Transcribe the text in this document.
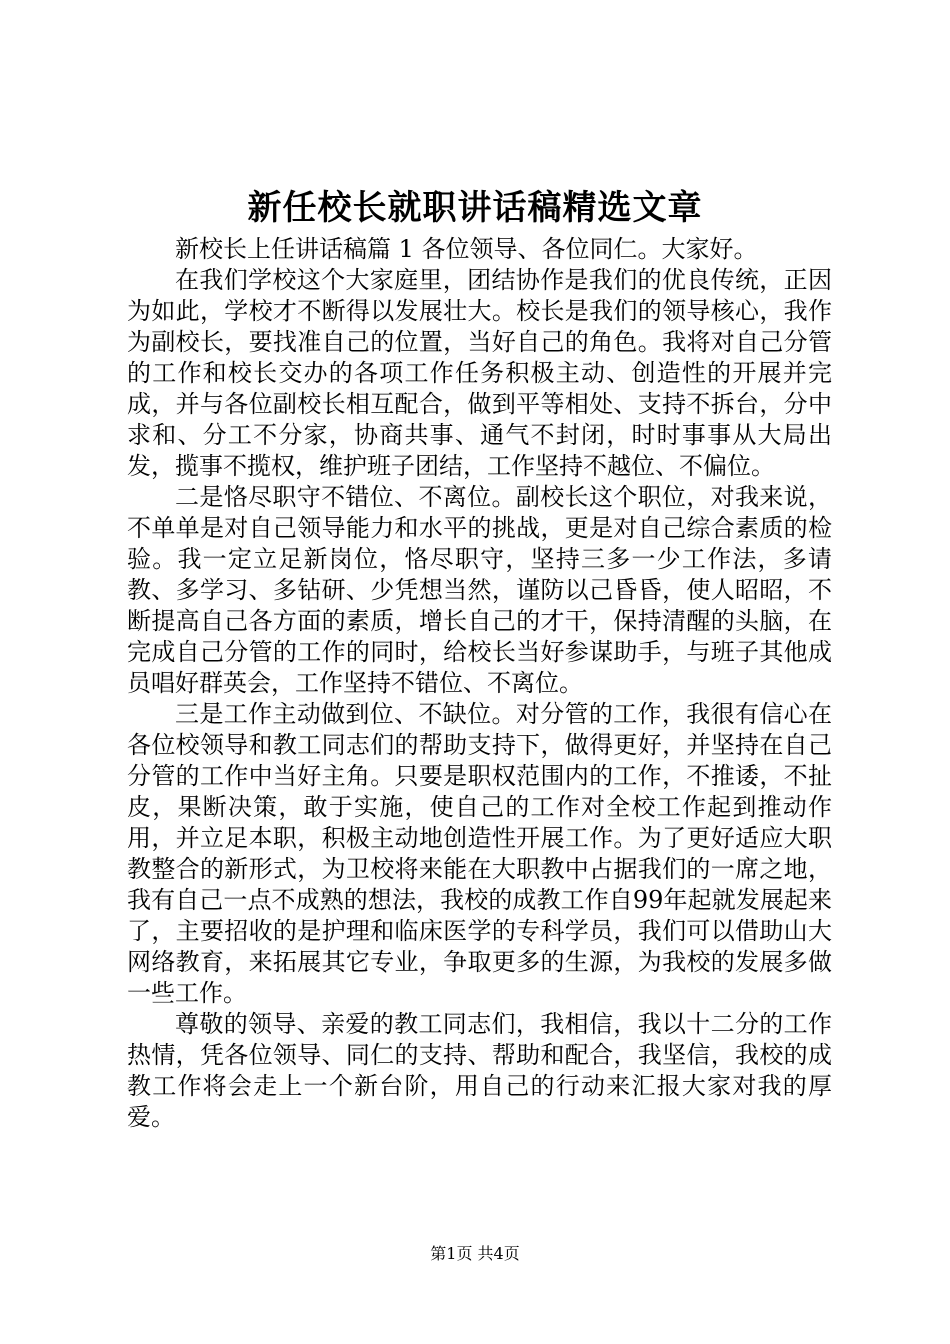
新任校长就职讲话稿精选文章

新校长上任讲话稿篇 1 各位领导、各位同仁。大家好。

在我们学校这个大家庭里，团结协作是我们的优良传统，正因为如此，学校才不断得以发展壮大。校长是我们的领导核心，我作为副校长，要找准自己的位置，当好自己的角色。我将对自己分管的工作和校长交办的各项工作任务积极主动、创造性的开展并完成，并与各位副校长相互配合，做到平等相处、支持不拆台，分中求和、分工不分家，协商共事、通气不封闭，时时事事从大局出发，揽事不揽权，维护班子团结，工作坚持不越位、不偏位。

二是恪尽职守不错位、不离位。副校长这个职位，对我来说，不单单是对自己领导能力和水平的挑战，更是对自己综合素质的检验。我一定立足新岗位，恪尽职守，坚持三多一少工作法，多请教、多学习、多钻研、少凭想当然，谨防以己昏昏，使人昭昭，不断提高自己各方面的素质，增长自己的才干，保持清醒的头脑，在完成自己分管的工作的同时，给校长当好参谋助手，与班子其他成员唱好群英会，工作坚持不错位、不离位。

三是工作主动做到位、不缺位。对分管的工作，我很有信心在各位校领导和教工同志们的帮助支持下，做得更好，并坚持在自己分管的工作中当好主角。只要是职权范围内的工作，不推诿，不扯皮，果断决策，敢于实施，使自己的工作对全校工作起到推动作用，并立足本职，积极主动地创造性开展工作。为了更好适应大职教整合的新形式，为卫校将来能在大职教中占据我们的一席之地，我有自己一点不成熟的想法，我校的成教工作自99年起就发展起来了，主要招收的是护理和临床医学的专科学员，我们可以借助山大网络教育，来拓展其它专业，争取更多的生源，为我校的发展多做一些工作。

尊敬的领导、亲爱的教工同志们，我相信，我以十二分的工作热情，凭各位领导、同仁的支持、帮助和配合，我坚信，我校的成教工作将会走上一个新台阶，用自己的行动来汇报大家对我的厚爱。

第1页 共4页
